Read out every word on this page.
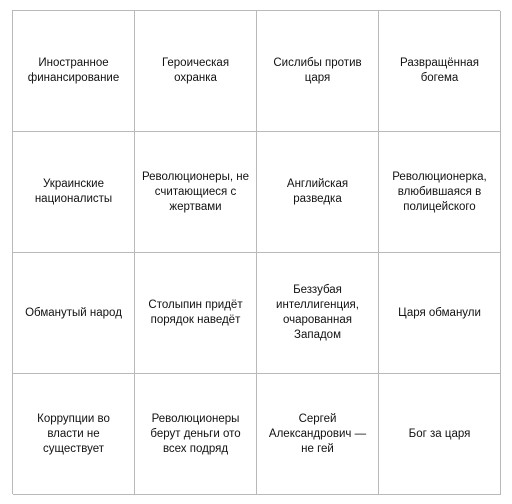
Иностранное финансирование
Героическая охранка
Сислибы против царя
Развращённая богема
Украинские националисты
Революционеры, не считающиеся с жертвами
Английская разведка
Революционерка, влюбившаяся в полицейского
Обманутый народ
Столыпин придёт порядок наведёт
Беззубая интеллигенция, очарованная Западом
Царя обманули
Коррупции во власти не существует
Революционеры берут деньги ото всех подряд
Сергей Александрович — не гей
Бог за царя
